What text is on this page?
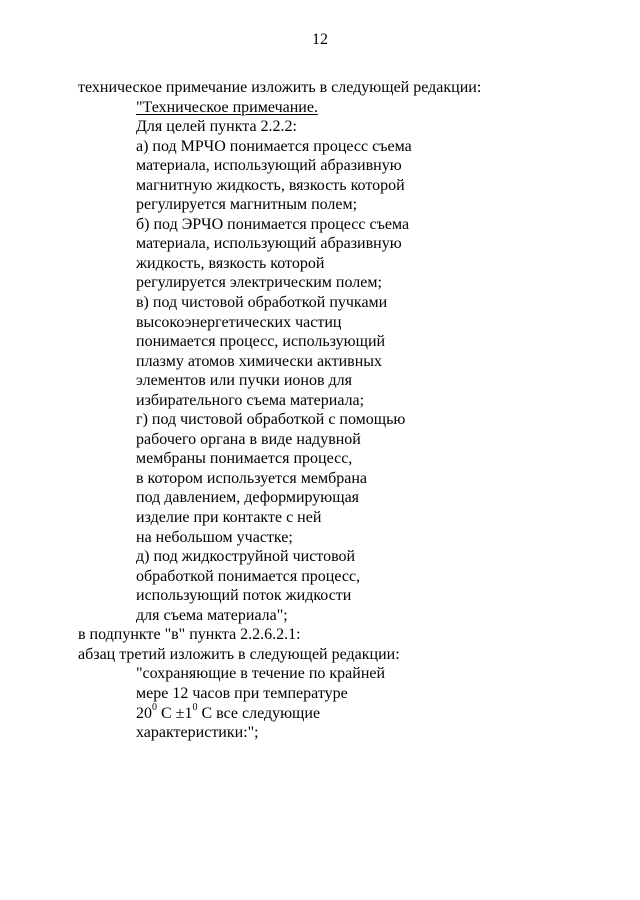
12
техническое примечание изложить в следующей редакции:
"Техническое примечание.
Для целей пункта 2.2.2:
а) под МРЧО понимается процесс съема
материала, использующий абразивную
магнитную жидкость, вязкость которой
регулируется магнитным полем;
б) под ЭРЧО понимается процесс съема
материала, использующий абразивную
жидкость, вязкость которой
регулируется электрическим полем;
в) под чистовой обработкой пучками
высокоэнергетических частиц
понимается процесс, использующий
плазму атомов химически активных
элементов или пучки ионов для
избирательного съема материала;
г) под чистовой обработкой с помощью
рабочего органа в виде надувной
мембраны понимается процесс,
в котором используется мембрана
под давлением, деформирующая
изделие при контакте с ней
на небольшом участке;
д) под жидкоструйной чистовой
обработкой понимается процесс,
использующий поток жидкости
для съема материала";
в подпункте "в" пункта 2.2.6.2.1:
абзац третий изложить в следующей редакции:
"сохраняющие в течение по крайней
мере 12 часов при температуре
$20^0$ $С \pm 1^0$ С все следующие
характеристики:";
